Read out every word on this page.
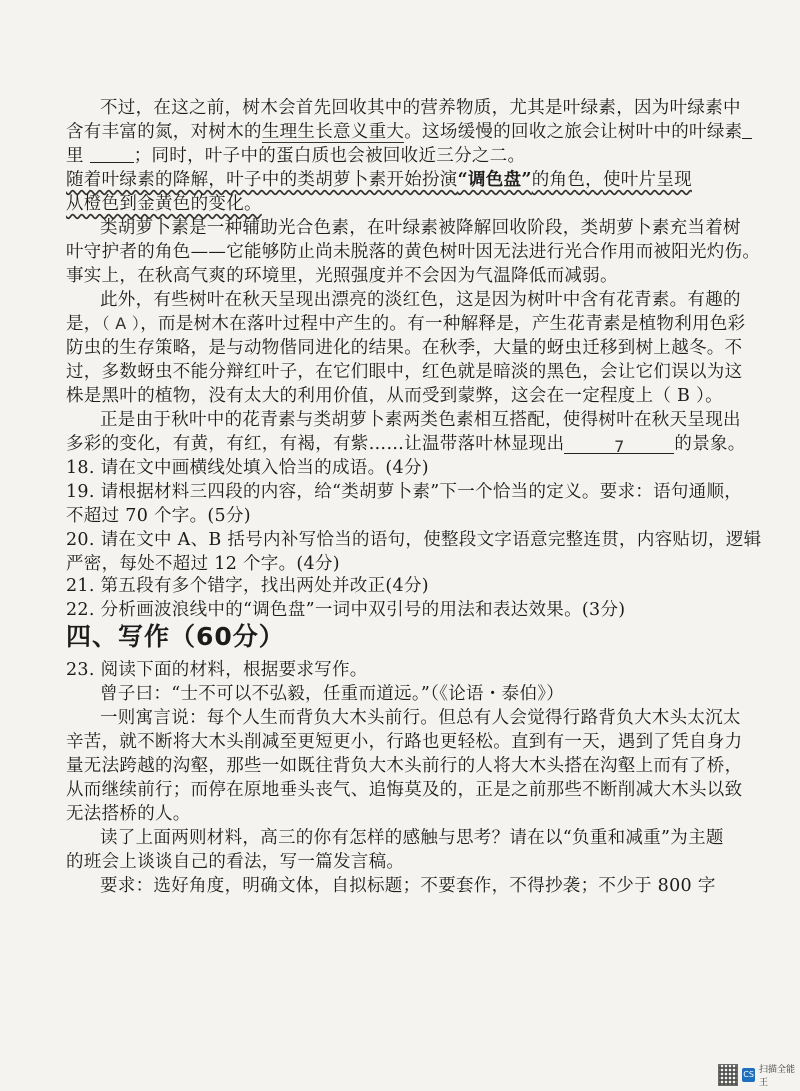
不过，在这之前，树木会首先回收其中的营养物质，尤其是叶绿素，因为叶绿素中
含有丰富的氮，对树木的生理生长意义重大。这场缓慢的回收之旅会让树叶中的叶绿素
里	；同时，叶子中的蛋白质也会被回收近三分之二。
随着叶绿素的降解，叶子中的类胡萝卜素开始扮演“调色盘”的角色，使叶片呈现
从橙色到金黄色的变化。
类胡萝卜素是一种辅助光合色素，在叶绿素被降解回收阶段，类胡萝卜素充当着树
叶守护者的角色——它能够防止尚未脱落的黄色树叶因无法进行光合作用而被阳光灼伤。
事实上，在秋高气爽的环境里，光照强度并不会因为气温降低而减弱。
此外，有些树叶在秋天呈现出漂亮的淡红色，这是因为树叶中含有花青素。有趣的
是，（ A ），而是树木在落叶过程中产生的。有一种解释是，产生花青素是植物利用色彩
防虫的生存策略，是与动物偕同进化的结果。在秋季，大量的蚜虫迁移到树上越冬。不
过，多数蚜虫不能分辩红叶子，在它们眼中，红色就是暗淡的黑色，会让它们误以为这
株是黑叶的植物，没有太大的利用价值，从而受到蒙弊，这会在一定程度上（ B ）。
正是由于秋叶中的花青素与类胡萝卜素两类色素相互搭配，使得树叶在秋天呈现出
多彩的变化，有黄，有红，有褐，有紫……让温带落叶林显现出	7	的景象。
18. 请在文中画横线处填入恰当的成语。(4分)
19. 请根据材料三四段的内容，给“类胡萝卜素”下一个恰当的定义。要求：语句通顺，
不超过 70 个字。(5分)
20. 请在文中 A、B 括号内补写恰当的语句，使整段文字语意完整连贯，内容贴切，逻辑
严密，每处不超过 12 个字。(4分)
21. 第五段有多个错字，找出两处并改正(4分)
四、写作（60分）
22. 分析画波浪线中的“调色盘”一词中双引号的用法和表达效果。(3分)
23. 阅读下面的材料，根据要求写作。
曾子曰：“士不可以不弘毅，任重而道远。”（《论语・泰伯》）
一则寓言说：每个人生而背负大木头前行。但总有人会觉得行路背负大木头太沉太
辛苦，就不断将大木头削减至更短更小，行路也更轻松。直到有一天，遇到了凭自身力
量无法跨越的沟壑，那些一如既往背负大木头前行的人将大木头搭在沟壑上而有了桥，
从而继续前行；而停在原地垂头丧气、追悔莫及的，正是之前那些不断削减大木头以致
无法搭桥的人。
读了上面两则材料，高三的你有怎样的感触与思考？请在以“负重和减重”为主题
的班会上谈谈自己的看法，写一篇发言稿。
要求：选好角度，明确文体，自拟标题；不要套作，不得抄袭；不少于 800 字
CS 扫描全能王
